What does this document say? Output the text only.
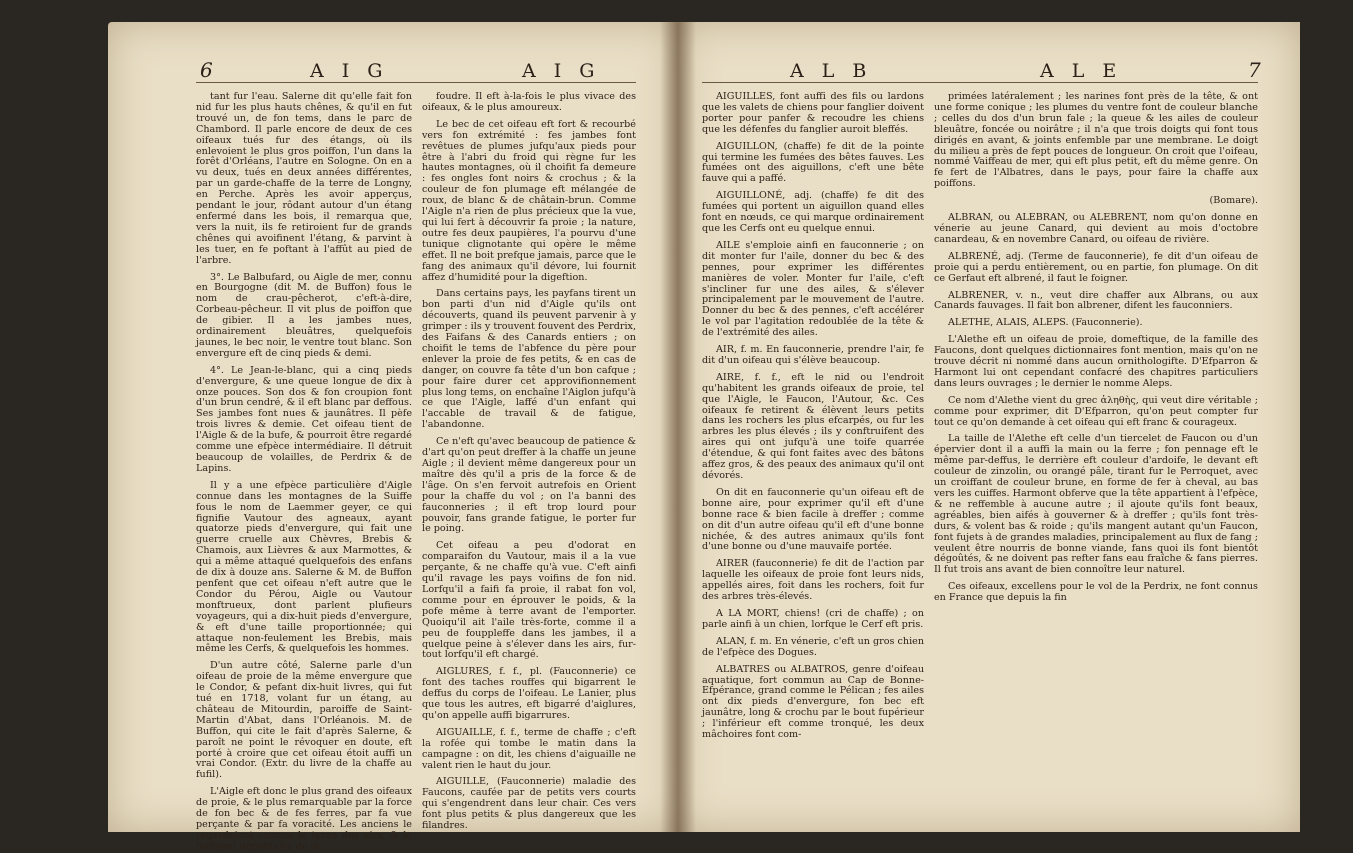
6	A I G	A I G	A L B	A L E	7

tant fur l'eau. Salerne dit qu'elle fait fon nid fur les plus hauts chênes, & qu'il en fut trouvé un, de fon tems, dans le parc de Chambord. Il parle encore de deux de ces oifeaux tués fur des étangs, où ils enlevoient le plus gros poiffon, l'un dans la forêt d'Orléans, l'autre en Sologne. On en a vu deux, tués en deux années différentes, par un garde-chaffe de la terre de Longny, en Perche. Après les avoir apperçus, pendant le jour, rôdant autour d'un étang enfermé dans les bois, il remarqua que, vers la nuit, ils fe retiroient fur de grands chênes qui avoifinent l'étang, & parvint à les tuer, en fe poftant à l'affût au pied de l'arbre.

3°. Le Balbufard, ou Aigle de mer, connu en Bourgogne (dit M. de Buffon) fous le nom de crau-pêcherot, c'eft-à-dire, Corbeau-pêcheur. Il vit plus de poiffon que de gibier. Il a les jambes nues, ordinairement bleuâtres, quelquefois jaunes, le bec noir, le ventre tout blanc. Son envergure eft de cinq pieds & demi.

4°. Le Jean-le-blanc, qui a cinq pieds d'envergure, & une queue longue de dix à onze pouces. Son dos & fon croupion font d'un brun cendré, & il eft blanc par deffous. Ses jambes font nues & jaunâtres. Il pèfe trois livres & demie. Cet oifeau tient de l'Aigle & de la bufe, & pourroit être regardé comme une efpèce intermédiaire. Il détruit beaucoup de volailles, de Perdrix & de Lapins.

Il y a une efpèce particulière d'Aigle connue dans les montagnes de la Suiffe fous le nom de Laemmer geyer, ce qui fignifie Vautour des agneaux, ayant quatorze pieds d'envergure, qui fait une guerre cruelle aux Chèvres, Brebis & Chamois, aux Lièvres & aux Marmottes, & qui a même attaqué quelquefois des enfans de dix à douze ans. Salerne & M. de Buffon penfent que cet oifeau n'eft autre que le Condor du Pérou, Aigle ou Vautour monftrueux, dont parlent plufieurs voyageurs, qui a dix-huit pieds d'envergure, & eft d'une taille proportionnée; qui attaque non-feulement les Brebis, mais même les Cerfs, & quelquefois les hommes.

D'un autre côté, Salerne parle d'un oifeau de proie de la même envergure que le Condor, & pefant dix-huit livres, qui fut tué en 1718, volant fur un étang, au château de Mitourdin, paroiffe de Saint-Martin d'Abat, dans l'Orléanois. M. de Buffon, qui cite le fait d'après Salerne, & paroît ne point le révoquer en doute, eft porté à croire que cet oifeau étoit auffi un vrai Condor. (Extr. du livre de la chaffe au fufil).

L'Aigle eft donc le plus grand des oifeaux de proie, & le plus remarquable par la force de fon bec & de fes ferres, par fa vue perçante & par fa voracité. Les anciens le regardoient comme le tyran des airs, & le faifoient dépofitaire de la

foudre. Il eft à-la-fois le plus vivace des oifeaux, & le plus amoureux.

Le bec de cet oifeau eft fort & recourbé vers fon extrémité : fes jambes font revêtues de plumes jufqu'aux pieds pour être à l'abri du froid qui règne fur les hautes montagnes, où il choifit fa demeure : fes ongles font noirs & crochus ; & la couleur de fon plumage eft mélangée de roux, de blanc & de châtain-brun. Comme l'Aigle n'a rien de plus précieux que la vue, qui lui fert à découvrir fa proie ; la nature, outre fes deux paupières, l'a pourvu d'une tunique clignotante qui opère le même effet. Il ne boit prefque jamais, parce que le fang des animaux qu'il dévore, lui fournit affez d'humidité pour la digeftion.

Dans certains pays, les payfans tirent un bon parti d'un nid d'Aigle qu'ils ont découverts, quand ils peuvent parvenir à y grimper : ils y trouvent fouvent des Perdrix, des Faifans & des Canards entiers ; on choifit le tems de l'abfence du père pour enlever la proie de fes petits, & en cas de danger, on couvre fa tête d'un bon cafque ; pour faire durer cet approvifionnement plus long tems, on enchaîne l'Aiglon jufqu'à ce que l'Aigle, laffé d'un enfant qui l'accable de travail & de fatigue, l'abandonne.

Ce n'eft qu'avec beaucoup de patience & d'art qu'on peut dreffer à la chaffe un jeune Aigle ; il devient même dangereux pour un maître dès qu'il a pris de la force & de l'âge. On s'en fervoit autrefois en Orient pour la chaffe du vol ; on l'a banni des fauconneries ; il eft trop lourd pour pouvoir, fans grande fatigue, le porter fur le poing.

Cet oifeau a peu d'odorat en comparaifon du Vautour, mais il a la vue perçante, & ne chaffe qu'à vue. C'eft ainfi qu'il ravage les pays voifins de fon nid. Lorfqu'il a faifi fa proie, il rabat fon vol, comme pour en éprouver le poids, & la pofe même à terre avant de l'emporter. Quoiqu'il ait l'aile très-forte, comme il a peu de fouppleffe dans les jambes, il a quelque peine à s'élever dans les airs, fur-tout lorfqu'il eft chargé.

AIGLURES, f. f., pl. (Fauconnerie) ce font des taches rouffes qui bigarrent le deffus du corps de l'oifeau. Le Lanier, plus que tous les autres, eft bigarré d'aiglures, qu'on appelle auffi bigarrures.

AIGUAILLE, f. f., terme de chaffe ; c'eft la rofée qui tombe le matin dans la campagne : on dit, les chiens d'aiguaille ne valent rien le haut du jour.

AIGUILLE, (Fauconnerie) maladie des Faucons, caufée par de petits vers courts qui s'engendrent dans leur chair. Ces vers font plus petits & plus dangereux que les filandres.

AIGUILLES, font auffi des fils ou lardons que les valets de chiens pour fanglier doivent porter pour panfer & recoudre les chiens que les défenfes du fanglier auroit bleffés.

AIGUILLON, (chaffe) fe dit de la pointe qui termine les fumées des bêtes fauves. Les fumées ont des aiguillons, c'eft une bête fauve qui a paffé.

AIGUILLONÉ, adj. (chaffe) fe dit des fumées qui portent un aiguillon quand elles font en nœuds, ce qui marque ordinairement que les Cerfs ont eu quelque ennui.

AILE s'emploie ainfi en fauconnerie ; on dit monter fur l'aile, donner du bec & des pennes, pour exprimer les différentes manières de voler. Monter fur l'aile, c'eft s'incliner fur une des ailes, & s'élever principalement par le mouvement de l'autre. Donner du bec & des pennes, c'eft accélérer le vol par l'agitation redoublée de la tête & de l'extrémité des ailes.

AIR, f. m. En fauconnerie, prendre l'air, fe dit d'un oifeau qui s'élève beaucoup.

AIRE, f. f., eft le nid ou l'endroit qu'habitent les grands oifeaux de proie, tel que l'Aigle, le Faucon, l'Autour, &c. Ces oifeaux fe retirent & élèvent leurs petits dans les rochers les plus efcarpés, ou fur les arbres les plus élevés ; ils y conftruifent des aires qui ont jufqu'à une toife quarrée d'étendue, & qui font faites avec des bâtons affez gros, & des peaux des animaux qu'il ont dévorés.

On dit en fauconnerie qu'un oifeau eft de bonne aire, pour exprimer qu'il eft d'une bonne race & bien facile à dreffer ; comme on dit d'un autre oifeau qu'il eft d'une bonne nichée, & des autres animaux qu'ils font d'une bonne ou d'une mauvaife portée.

AIRER (fauconnerie) fe dit de l'action par laquelle les oifeaux de proie font leurs nids, appellés aires, foit dans les rochers, foit fur des arbres très-élevés.

A LA MORT, chiens! (cri de chaffe) ; on parle ainfi à un chien, lorfque le Cerf eft pris.

ALAN, f. m. En vénerie, c'eft un gros chien de l'efpèce des Dogues.

ALBATRES ou ALBATROS, genre d'oifeau aquatique, fort commun au Cap de Bonne-Efpérance, grand comme le Pélican ; fes ailes ont dix pieds d'envergure, fon bec eft jaunâtre, long & crochu par le bout fupérieur ; l'inférieur eft comme tronqué, les deux mâchoires font com-

primées latéralement ; les narines font près de la tête, & ont une forme conique ; les plumes du ventre font de couleur blanche ; celles du dos d'un brun fale ; la queue & les ailes de couleur bleuâtre, foncée ou noirâtre ; il n'a que trois doigts qui font tous dirigés en avant, & joints enfemble par une membrane. Le doigt du milieu a près de fept pouces de longueur. On croit que l'oifeau, nommé Vaiffeau de mer, qui eft plus petit, eft du même genre. On fe fert de l'Albatres, dans le pays, pour faire la chaffe aux poiffons.

(Bomare).

ALBRAN, ou ALEBRAN, ou ALEBRENT, nom qu'on donne en vénerie au jeune Canard, qui devient au mois d'octobre canardeau, & en novembre Canard, ou oifeau de rivière.

ALBRENÉ, adj. (Terme de fauconnerie), fe dit d'un oifeau de proie qui a perdu entièrement, ou en partie, fon plumage. On dit ce Gerfaut eft albrené, il faut le foigner.

ALBRENER, v. n., veut dire chaffer aux Albrans, ou aux Canards fauvages. Il fait bon albrener, difent les fauconniers.

ALETHE, ALAIS, ALEPS. (Fauconnerie).

L'Alethe eft un oifeau de proie, domeftique, de la famille des Faucons, dont quelques dictionnaires font mention, mais qu'on ne trouve décrit ni nommé dans aucun ornithologifte. D'Efparron & Harmont lui ont cependant confacré des chapitres particuliers dans leurs ouvrages ; le dernier le nomme Aleps.

Ce nom d'Alethe vient du grec ἀληθὴς, qui veut dire véritable ; comme pour exprimer, dit D'Efparron, qu'on peut compter fur tout ce qu'on demande à cet oifeau qui eft franc & courageux.

La taille de l'Alethe eft celle d'un tiercelet de Faucon ou d'un épervier dont il a auffi la main ou la ferre ; fon pennage eft le même par-deffus, le derrière eft couleur d'ardoife, le devant eft couleur de zinzolin, ou orangé pâle, tirant fur le Perroquet, avec un croiffant de couleur brune, en forme de fer à cheval, au bas vers les cuiffes. Harmont obferve que la tête appartient à l'efpèce, & ne reffemble à aucune autre ; il ajoute qu'ils font beaux, agréables, bien aifés à gouverner & à dreffer ; qu'ils font très-durs, & volent bas & roide ; qu'ils mangent autant qu'un Faucon, font fujets à de grandes maladies, principalement au flux de fang ; veulent être nourris de bonne viande, fans quoi ils font bientôt dégoûtés, & ne doivent pas refter fans eau fraîche & fans pierres. Il fut trois ans avant de bien connoître leur naturel.

Ces oifeaux, excellens pour le vol de la Perdrix, ne font connus en France que depuis la fin
